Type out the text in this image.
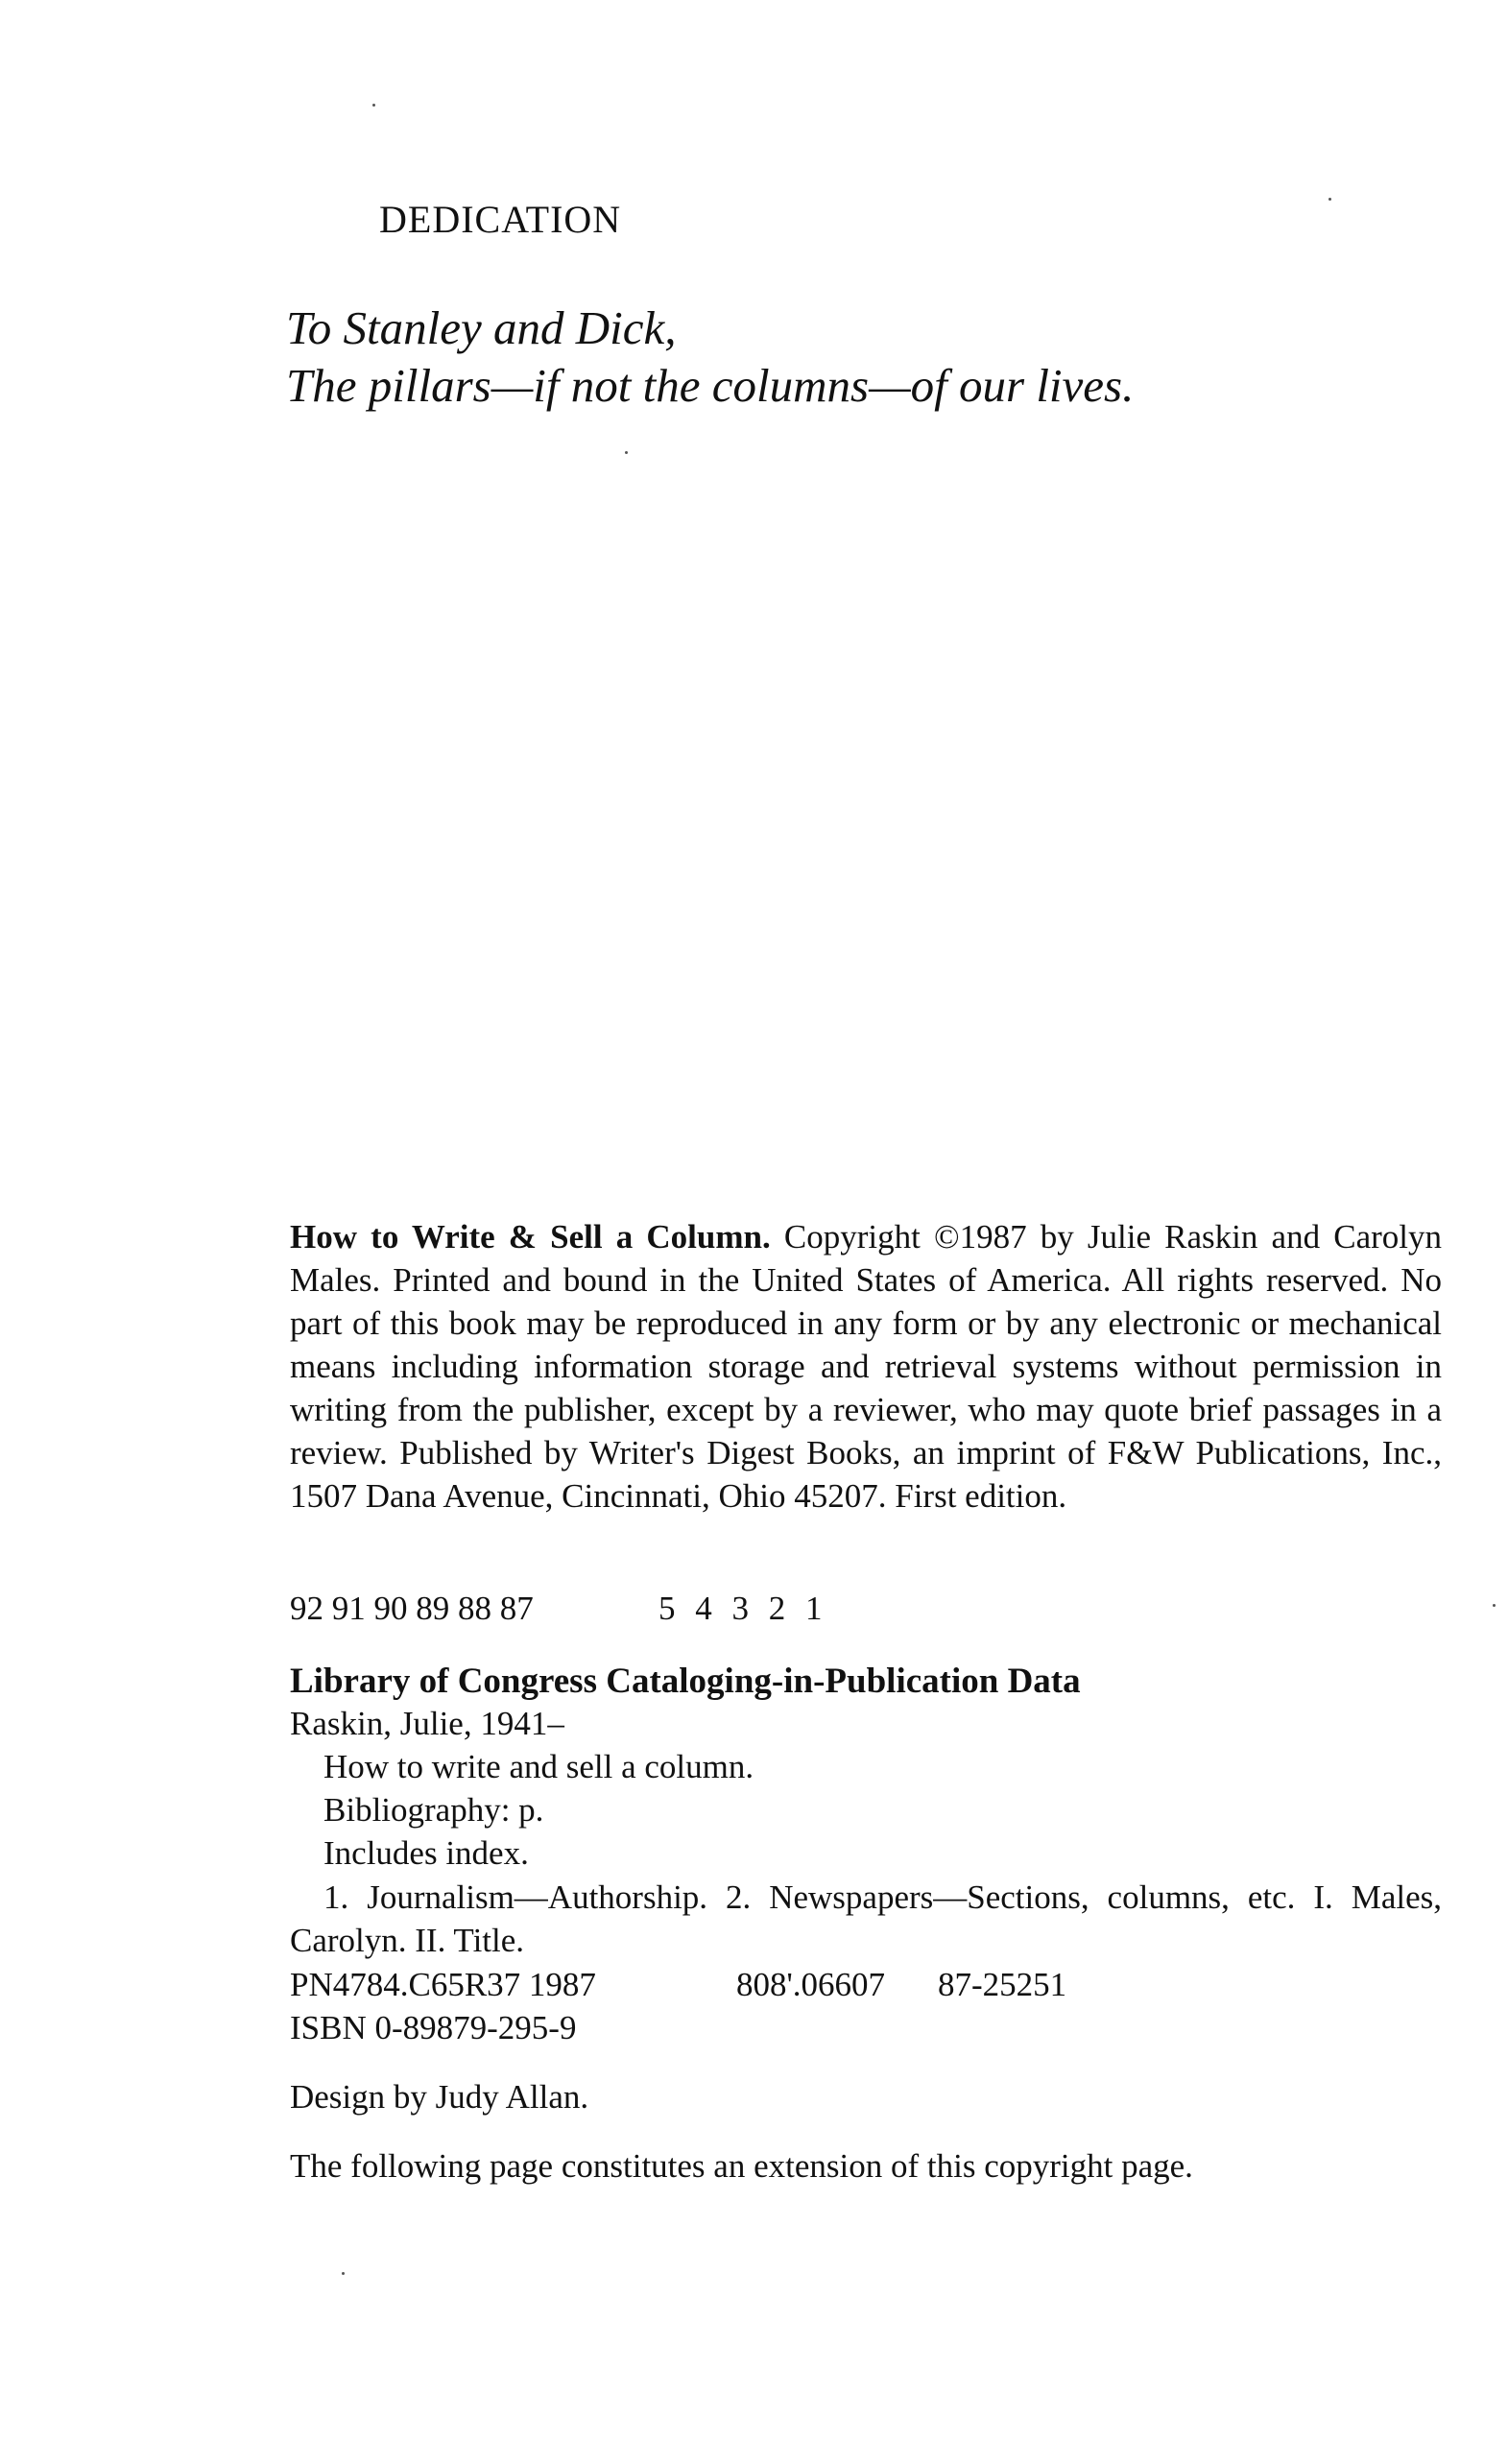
DEDICATION
To Stanley and Dick,
The pillars—if not the columns—of our lives.
How to Write & Sell a Column. Copyright ©1987 by Julie Raskin and Carolyn Males. Printed and bound in the United States of America. All rights reserved. No part of this book may be reproduced in any form or by any electronic or mechanical means including information storage and retrieval systems without permission in writing from the publisher, except by a reviewer, who may quote brief passages in a review. Published by Writer's Digest Books, an imprint of F&W Publications, Inc., 1507 Dana Avenue, Cincinnati, Ohio 45207. First edition.
92 91 90 89 88 87	5 4 3 2 1
Library of Congress Cataloging-in-Publication Data
Raskin, Julie, 1941–
How to write and sell a column.
Bibliography: p.
Includes index.
1. Journalism—Authorship. 2. Newspapers—Sections, columns, etc. I. Males, Carolyn. II. Title.
PN4784.C65R37 1987	808'.06607 87-25251
ISBN 0-89879-295-9
Design by Judy Allan.
The following page constitutes an extension of this copyright page.
